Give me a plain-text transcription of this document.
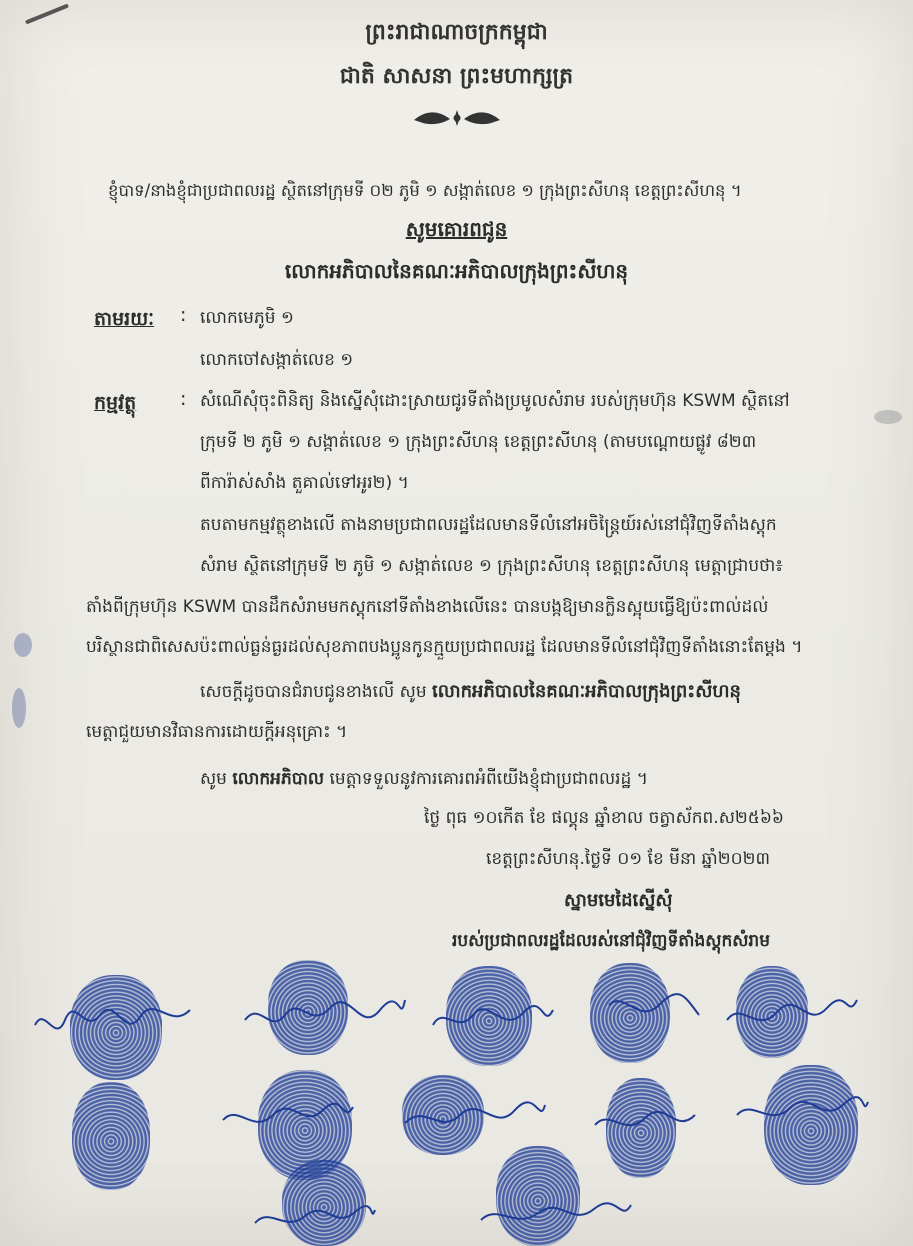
ព្រះរាជាណាចក្រកម្ពុជា
ជាតិ សាសនា ព្រះមហាក្សត្រ
ខ្ញុំបាទ/នាងខ្ញុំជាប្រជាពលរដ្ឋ ស្ថិតនៅក្រុមទី ០២ ភូមិ ១ សង្កាត់លេខ ១ ក្រុងព្រះសីហនុ ខេត្តព្រះសីហនុ ។
សូមគោរពជូន
លោកអភិបាលនៃគណៈអភិបាលក្រុងព្រះសីហនុ
តាមរយៈ : លោកមេភូមិ ១
លោកចៅសង្កាត់លេខ ១
កម្មវត្ថុ : សំណើសុំចុះពិនិត្យ និងស្នើសុំដោះស្រាយជូរទីតាំងប្រមូលសំរាម របស់ក្រុមហ៊ុន KSWM ស្ថិតនៅ
ក្រុមទី ២ ភូមិ ១ សង្កាត់លេខ ១ ក្រុងព្រះសីហនុ ខេត្តព្រះសីហនុ (តាមបណ្តោយផ្លូវ ៨២៣
ពីការ៉ាស់សាំង តួគាល់ទៅអូរ២) ។
តបតាមកម្មវត្ថុខាងលើ តាងនាមប្រជាពលរដ្ឋដែលមានទីលំនៅអចិន្ត្រៃយ៍រស់នៅជុំវិញទីតាំងស្តុក
សំរាម ស្ថិតនៅក្រុមទី ២ ភូមិ ១ សង្កាត់លេខ ១ ក្រុងព្រះសីហនុ ខេត្តព្រះសីហនុ មេត្តាជ្រាបថា៖
តាំងពីក្រុមហ៊ុន KSWM បានដឹកសំរាមមកស្តុកនៅទីតាំងខាងលើនេះ បានបង្កឱ្យមានក្លិនស្អុយធ្វើឱ្យប៉ះពាល់ដល់
បរិស្ថានជាពិសេសប៉ះពាល់ធ្ងន់ធ្ងរដល់សុខភាពបងប្អូនកូនក្មួយប្រជាពលរដ្ឋ ដែលមានទីលំនៅជុំវិញទីតាំងនោះតែម្តង ។
សេចក្តីដូចបានជំរាបជូនខាងលើ សូម លោកអភិបាលនៃគណៈអភិបាលក្រុងព្រះសីហនុ
មេត្តាជួយមានវិធានការដោយក្តីអនុគ្រោះ ។
សូម លោកអភិបាល មេត្តាទទួលនូវការគោរពអំពីយើងខ្ញុំជាប្រជាពលរដ្ឋ ។
ថ្ងៃ ពុធ ១០កើត ខែ ផល្គុន ឆ្នាំខាល ចត្វាស័កព.ស២៥៦៦
ខេត្តព្រះសីហនុ.ថ្ងៃទី ០១ ខែ មីនា ឆ្នាំ២០២៣
ស្នាមមេដៃស្នើសុំ
របស់ប្រជាពលរដ្ឋដែលរស់នៅជុំវិញទីតាំងស្តុកសំរាម
